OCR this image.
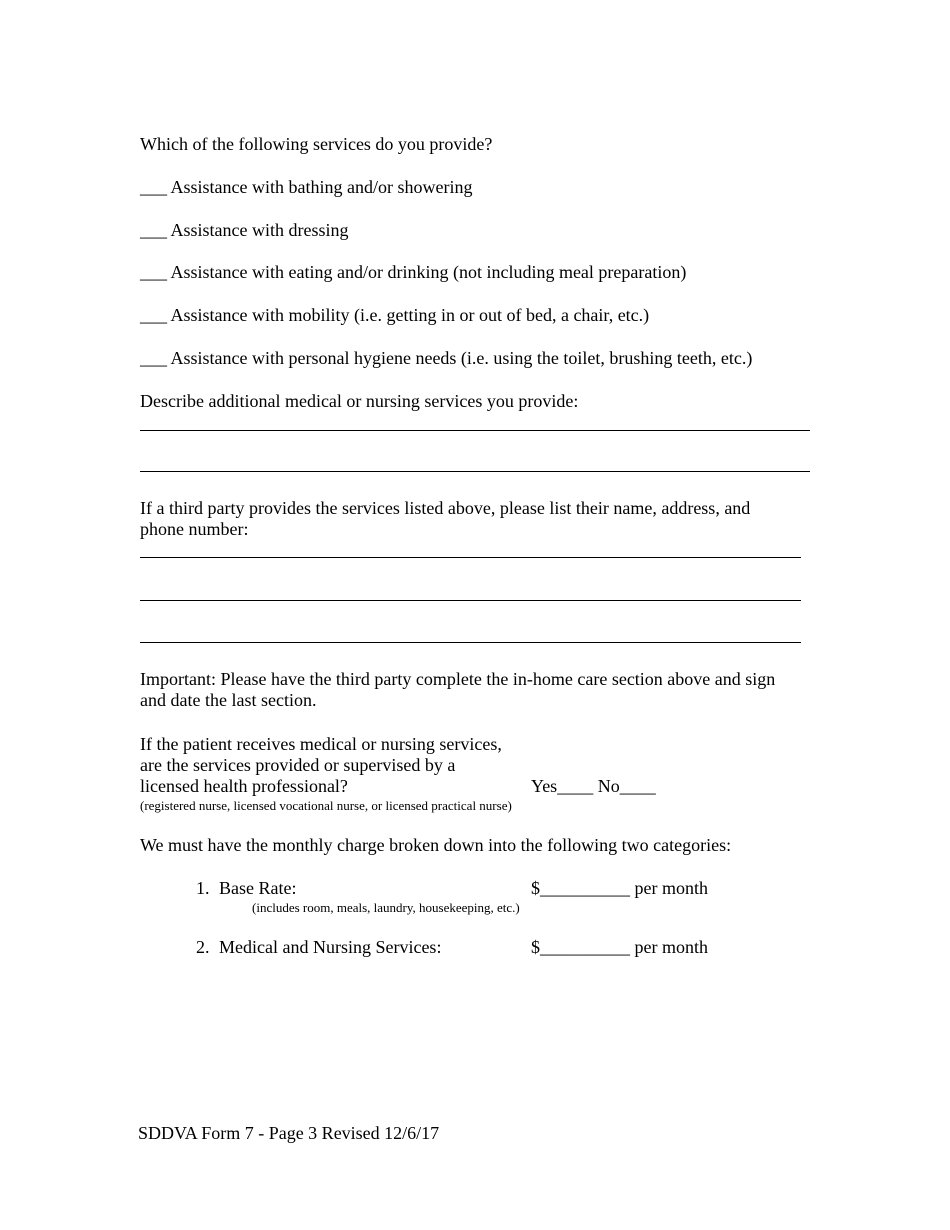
Which of the following services do you provide?
___ Assistance with bathing and/or showering
___ Assistance with dressing
___ Assistance with eating and/or drinking (not including meal preparation)
___ Assistance with mobility (i.e. getting in or out of bed, a chair, etc.)
___ Assistance with personal hygiene needs (i.e. using the toilet, brushing teeth, etc.)
Describe additional medical or nursing services you provide:
If a third party provides the services listed above, please list their name, address, and
phone number:
Important: Please have the third party complete the in-home care section above and sign
and date the last section.
If the patient receives medical or nursing services,
are the services provided or supervised by a
licensed health professional?	Yes____ No____
(registered nurse, licensed vocational nurse, or licensed practical nurse)
We must have the monthly charge broken down into the following two categories:
1. Base Rate:	$__________ per month
(includes room, meals, laundry, housekeeping, etc.)
2. Medical and Nursing Services:	$__________ per month
SDDVA Form 7 - Page 3 Revised 12/6/17
